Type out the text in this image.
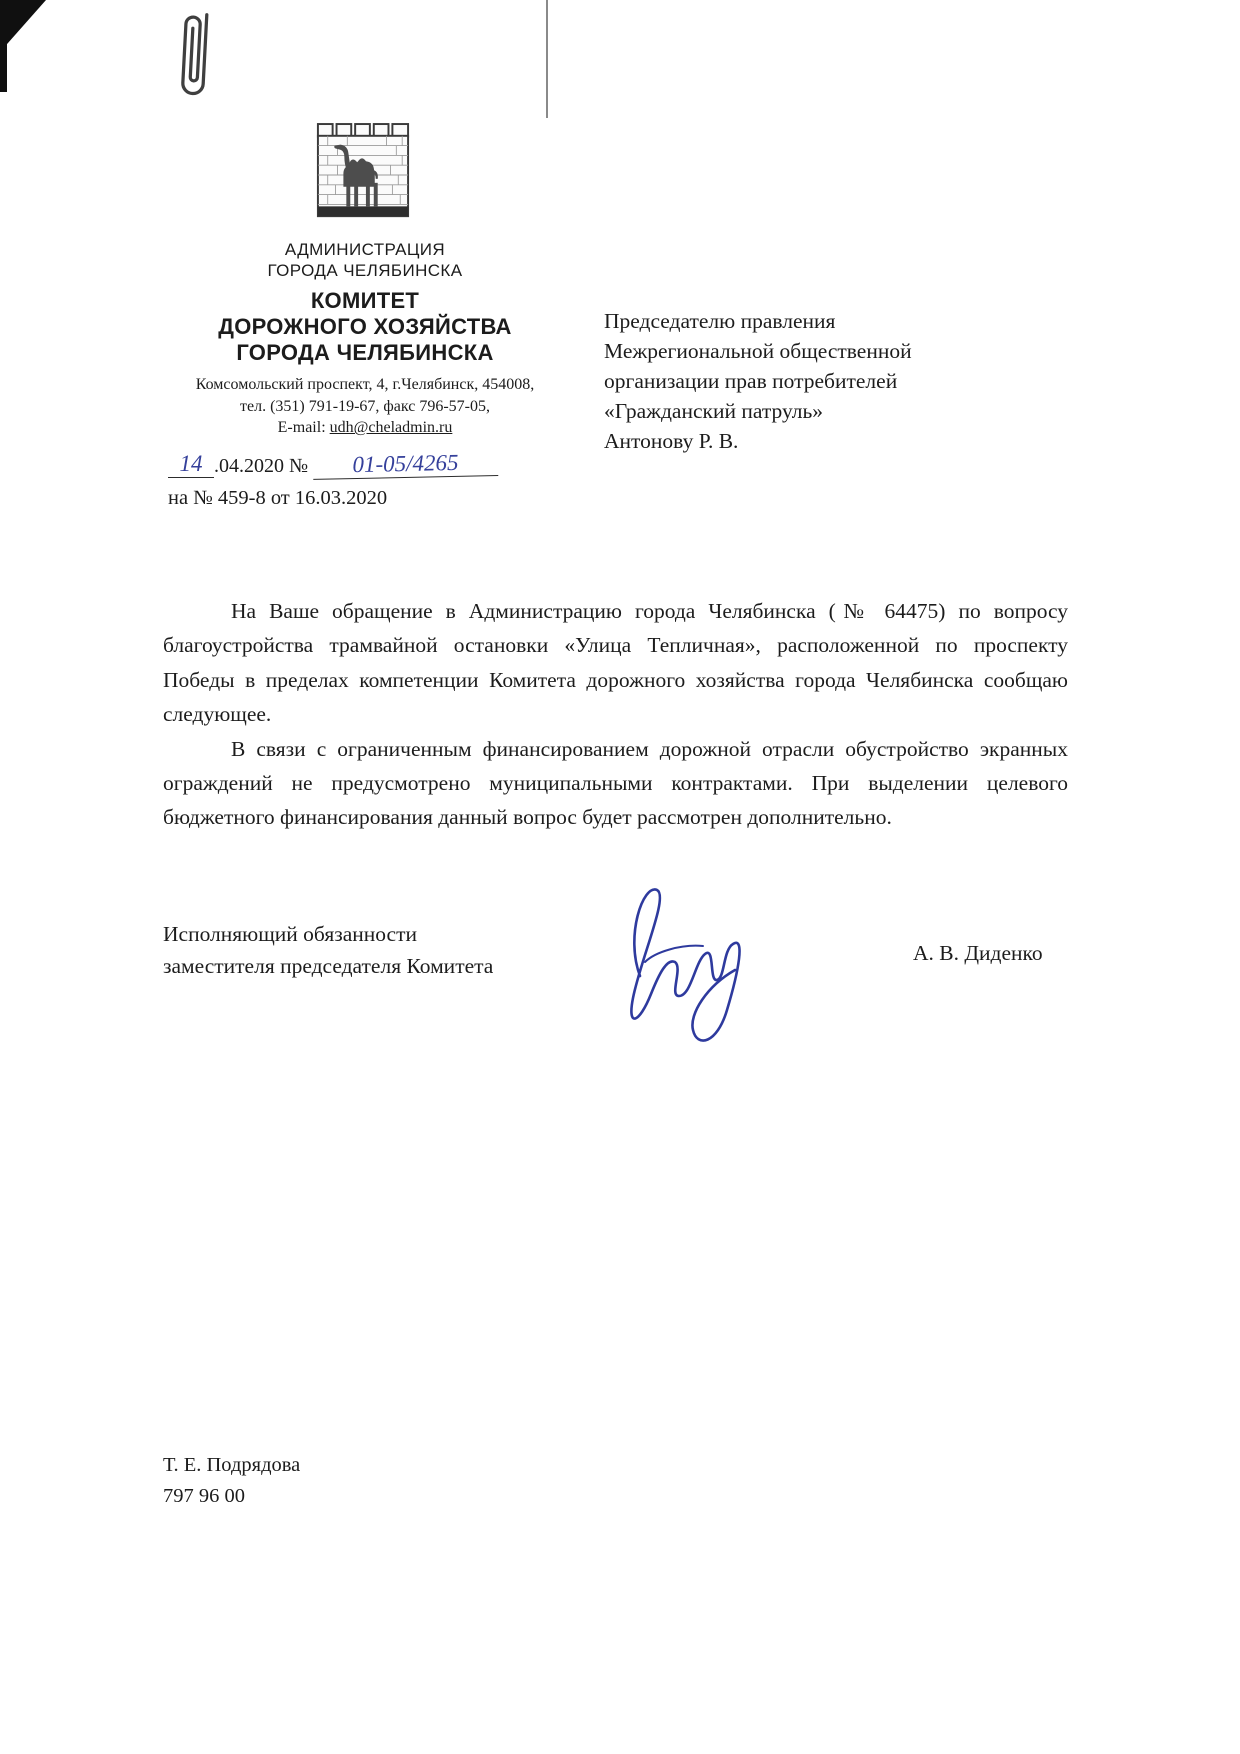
АДМИНИСТРАЦИЯ
ГОРОДА ЧЕЛЯБИНСКА
КОМИТЕТ
ДОРОЖНОГО ХОЗЯЙСТВА
ГОРОДА ЧЕЛЯБИНСКА
Комсомольский проспект, 4, г.Челябинск, 454008,
тел. (351) 791-19-67, факс 796-57-05,
E-mail: udh@cheladmin.ru
14 .04.2020 № 01-05/4265
на № 459-8 от 16.03.2020
Председателю правления
Межрегиональной общественной
организации прав потребителей
«Гражданский патруль»
Антонову Р. В.

На Ваше обращение в Администрацию города Челябинска (№ 64475) по вопросу благоустройства трамвайной остановки «Улица Тепличная», расположенной по проспекту Победы в пределах компетенции Комитета дорожного хозяйства города Челябинска сообщаю следующее.

В связи с ограниченным финансированием дорожной отрасли обустройство экранных ограждений не предусмотрено муниципальными контрактами. При выделении целевого бюджетного финансирования данный вопрос будет рассмотрен дополнительно.

Исполняющий обязанности
заместителя председателя Комитета
А. В. Диденко
Т. Е. Подрядова
797 96 00
